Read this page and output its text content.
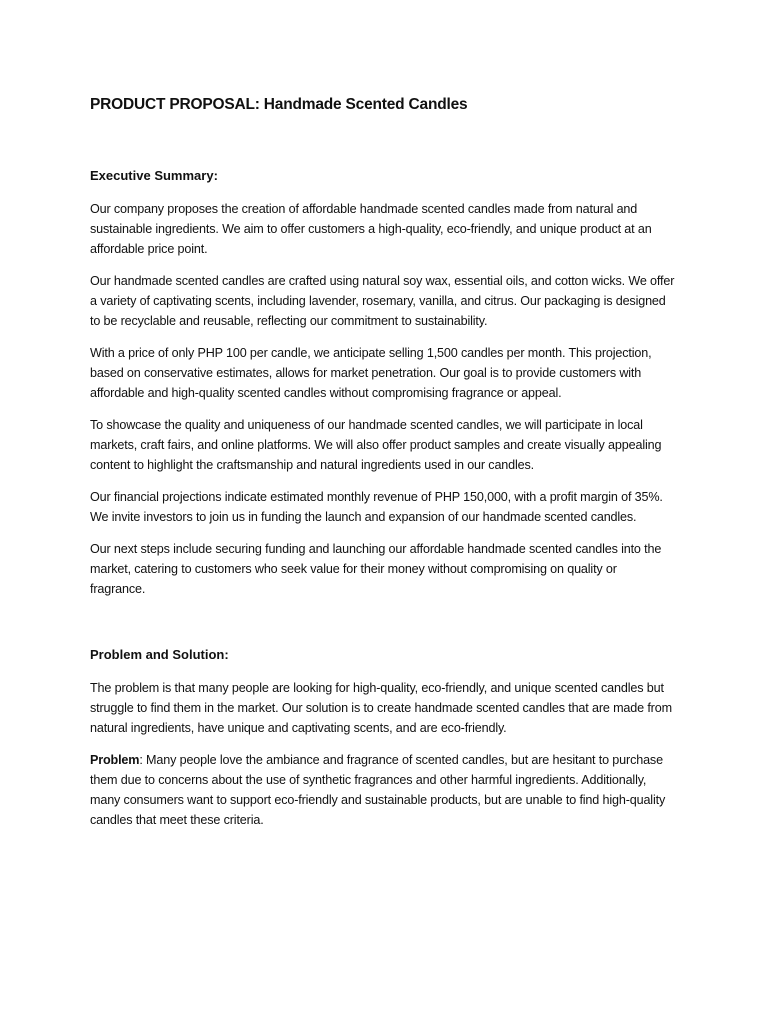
PRODUCT PROPOSAL: Handmade Scented Candles
Executive Summary:

Our company proposes the creation of affordable handmade scented candles made from natural and sustainable ingredients. We aim to offer customers a high-quality, eco-friendly, and unique product at an affordable price point.

Our handmade scented candles are crafted using natural soy wax, essential oils, and cotton wicks. We offer a variety of captivating scents, including lavender, rosemary, vanilla, and citrus. Our packaging is designed to be recyclable and reusable, reflecting our commitment to sustainability.

With a price of only PHP 100 per candle, we anticipate selling 1,500 candles per month. This projection, based on conservative estimates, allows for market penetration. Our goal is to provide customers with affordable and high-quality scented candles without compromising fragrance or appeal.

To showcase the quality and uniqueness of our handmade scented candles, we will participate in local markets, craft fairs, and online platforms. We will also offer product samples and create visually appealing content to highlight the craftsmanship and natural ingredients used in our candles.

Our financial projections indicate estimated monthly revenue of PHP 150,000, with a profit margin of 35%. We invite investors to join us in funding the launch and expansion of our handmade scented candles.

Our next steps include securing funding and launching our affordable handmade scented candles into the market, catering to customers who seek value for their money without compromising on quality or fragrance.

Problem and Solution:

The problem is that many people are looking for high-quality, eco-friendly, and unique scented candles but struggle to find them in the market. Our solution is to create handmade scented candles that are made from natural ingredients, have unique and captivating scents, and are eco-friendly.

Problem: Many people love the ambiance and fragrance of scented candles, but are hesitant to purchase them due to concerns about the use of synthetic fragrances and other harmful ingredients. Additionally, many consumers want to support eco-friendly and sustainable products, but are unable to find high-quality candles that meet these criteria.
